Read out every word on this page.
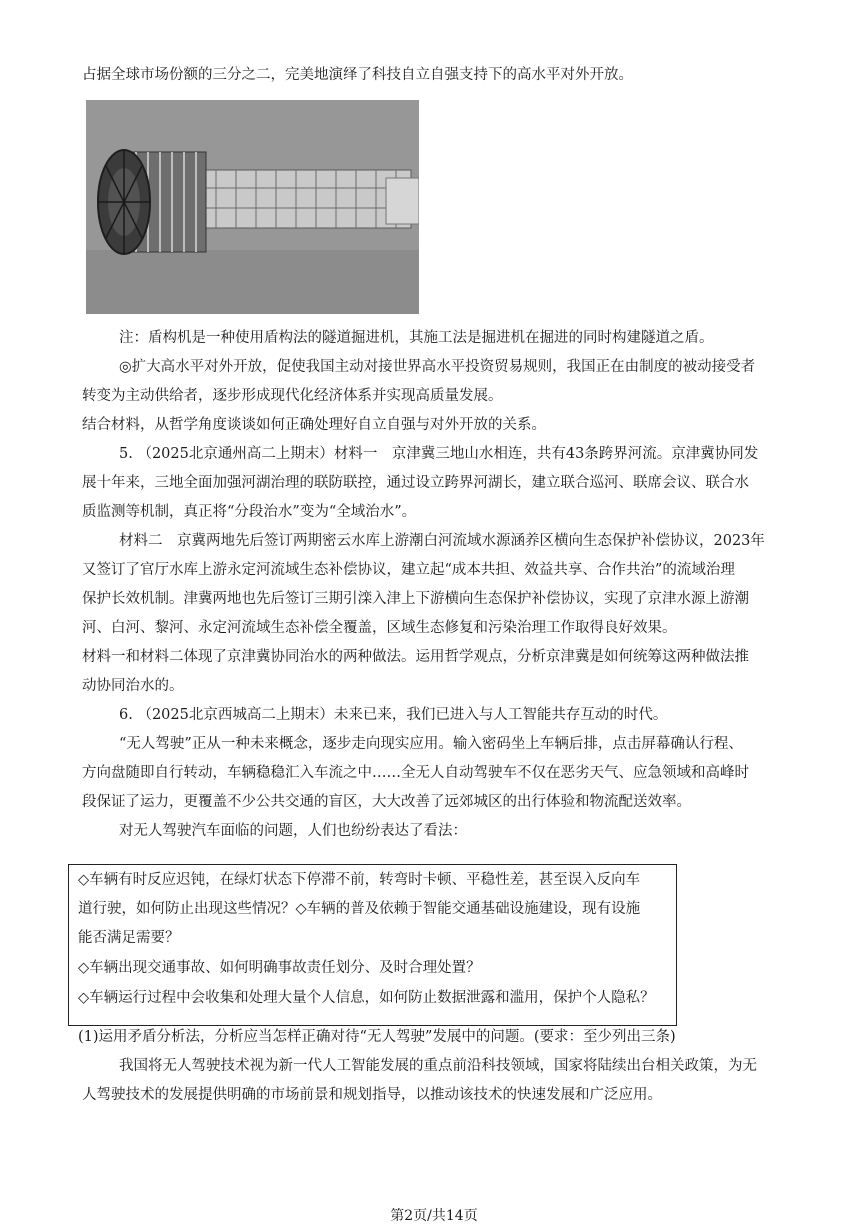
占据全球市场份额的三分之二，完美地演绎了科技自立自强支持下的高水平对外开放。
注：盾构机是一种使用盾构法的隧道掘进机，其施工法是掘进机在掘进的同时构建隧道之盾。
◎扩大高水平对外开放，促使我国主动对接世界高水平投资贸易规则，我国正在由制度的被动接受者
转变为主动供给者，逐步形成现代化经济体系并实现高质量发展。
结合材料，从哲学角度谈谈如何正确处理好自立自强与对外开放的关系。
5. （2025北京通州高二上期末）材料一　京津冀三地山水相连，共有43条跨界河流。京津冀协同发
展十年来，三地全面加强河湖治理的联防联控，通过设立跨界河湖长，建立联合巡河、联席会议、联合水
质监测等机制，真正将“分段治水”变为“全域治水”。
材料二　京冀两地先后签订两期密云水库上游潮白河流域水源涵养区横向生态保护补偿协议，2023年
又签订了官厅水库上游永定河流域生态补偿协议，建立起“成本共担、效益共享、合作共治”的流域治理
保护长效机制。津冀两地也先后签订三期引滦入津上下游横向生态保护补偿协议，实现了京津水源上游潮
河、白河、黎河、永定河流域生态补偿全覆盖，区域生态修复和污染治理工作取得良好效果。
材料一和材料二体现了京津冀协同治水的两种做法。运用哲学观点，分析京津冀是如何统筹这两种做法推
动协同治水的。
6. （2025北京西城高二上期末）未来已来，我们已进入与人工智能共存互动的时代。
“无人驾驶”正从一种未来概念，逐步走向现实应用。输入密码坐上车辆后排，点击屏幕确认行程、
方向盘随即自行转动，车辆稳稳汇入车流之中……全无人自动驾驶车不仅在恶劣天气、应急领域和高峰时
段保证了运力，更覆盖不少公共交通的盲区，大大改善了远郊城区的出行体验和物流配送效率。
对无人驾驶汽车面临的问题，人们也纷纷表达了看法：
◇车辆有时反应迟钝，在绿灯状态下停滞不前，转弯时卡顿、平稳性差，甚至误入反向车
道行驶，如何防止出现这些情况？◇车辆的普及依赖于智能交通基础设施建设，现有设施
能否满足需要？
◇车辆出现交通事故、如何明确事故责任划分、及时合理处置？
◇车辆运行过程中会收集和处理大量个人信息，如何防止数据泄露和滥用，保护个人隐私？
(1)运用矛盾分析法，分析应当怎样正确对待“无人驾驶”发展中的问题。(要求：至少列出三条)
我国将无人驾驶技术视为新一代人工智能发展的重点前沿科技领域，国家将陆续出台相关政策，为无
人驾驶技术的发展提供明确的市场前景和规划指导，以推动该技术的快速发展和广泛应用。
第2页/共14页
